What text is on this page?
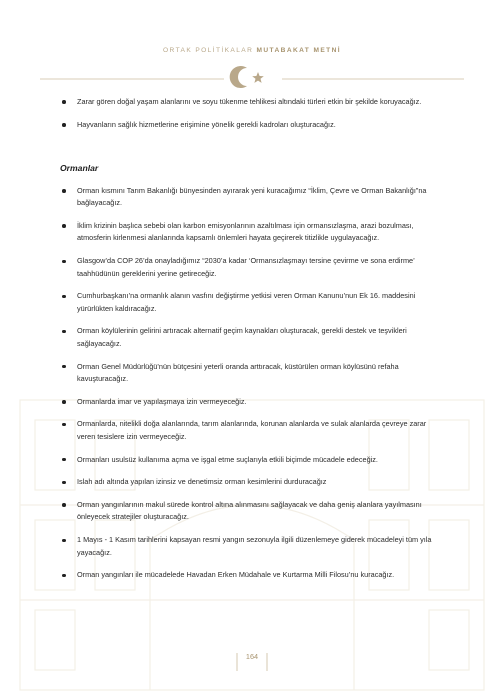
ORTAK POLİTİKALAR MUTABAKAT METNİ
Zarar gören doğal yaşam alanlarını ve soyu tükenme tehlikesi altındaki türleri etkin bir şekilde koruyacağız.
Hayvanların sağlık hizmetlerine erişimine yönelik gerekli kadroları oluşturacağız.
Ormanlar
Orman kısmını Tarım Bakanlığı bünyesinden ayırarak yeni kuracağımız “İklim, Çevre ve Orman Bakanlığı”na bağlayacağız.
İklim krizinin başlıca sebebi olan karbon emisyonlarının azaltılması için ormansızlaşma, arazi bozulması, atmosferin kirlenmesi alanlarında kapsamlı önlemleri hayata geçirerek titizlikle uygulayacağız.
Glasgow’da COP 26’da onayladığımız “2030’a kadar ‘Ormansızlaşmayı tersine çevirme ve sona erdirme’ taahhüdünün gereklerini yerine getireceğiz.
Cumhurbaşkanı’na ormanlık alanın vasfını değiştirme yetkisi veren Orman Kanunu’nun Ek 16. maddesini yürürlükten kaldıracağız.
Orman köylülerinin gelirini artıracak alternatif geçim kaynakları oluşturacak, gerekli destek ve teşvikleri sağlayacağız.
Orman Genel Müdürlüğü’nün bütçesini yeterli oranda arttıracak, küstürülen orman köylüsünü refaha kavuşturacağız.
Ormanlarda imar ve yapılaşmaya izin vermeyeceğiz.
Ormanlarda, nitelikli doğa alanlarında, tarım alanlarında, korunan alanlarda ve sulak alanlarda çevreye zarar veren tesislere izin vermeyeceğiz.
Ormanları usulsüz kullanıma açma ve işgal etme suçlarıyla etkili biçimde mücadele edeceğiz.
Islah adı altında yapılan izinsiz ve denetimsiz orman kesimlerini durduracağız
Orman yangınlarının makul sürede kontrol altına alınmasını sağlayacak ve daha geniş alanlara yayılmasını önleyecek stratejiler oluşturacağız.
1 Mayıs - 1 Kasım tarihlerini kapsayan resmi yangın sezonuyla ilgili düzenlemeye giderek mücadeleyi tüm yıla yayacağız.
Orman yangınları ile mücadelede Havadan Erken Müdahale ve Kurtarma Milli Filosu’nu kuracağız.
164
